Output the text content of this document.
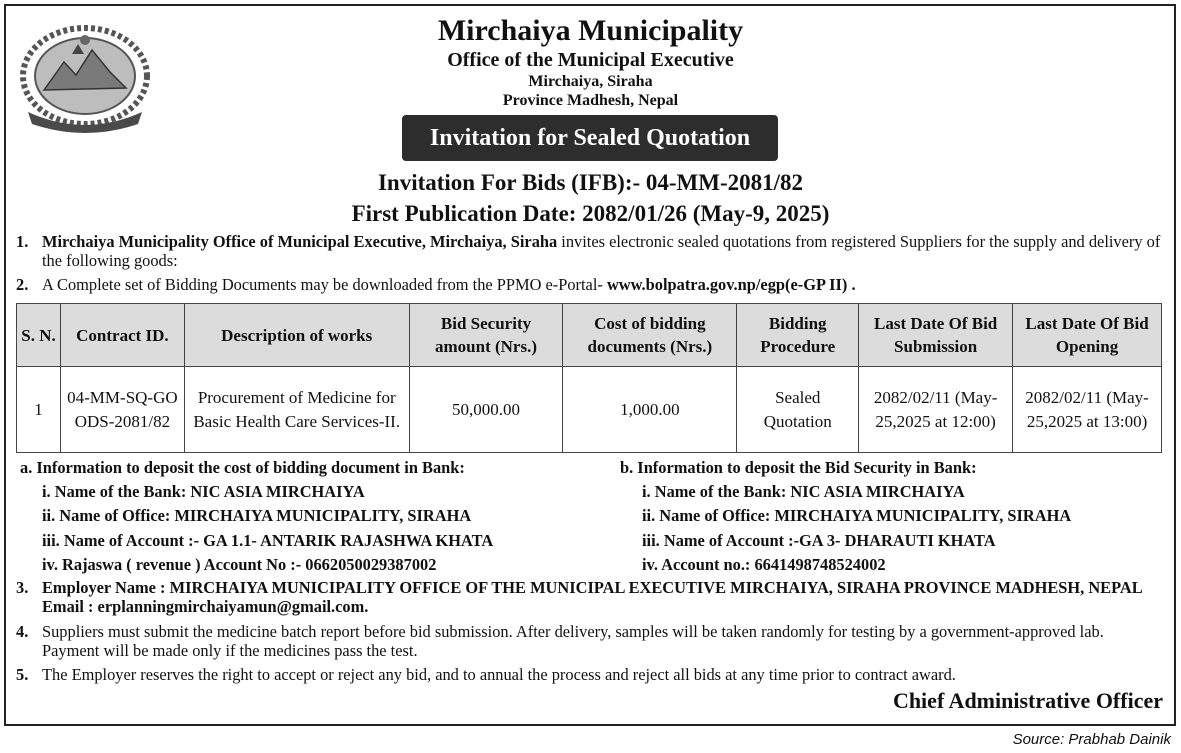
Mirchaiya Municipality
Office of the Municipal Executive
Mirchaiya, Siraha
Province Madhesh, Nepal
Invitation for Sealed Quotation
Invitation For Bids (IFB):- 04-MM-2081/82
First Publication Date: 2082/01/26 (May-9, 2025)
1. Mirchaiya Municipality Office of Municipal Executive, Mirchaiya, Siraha invites electronic sealed quotations from registered Suppliers for the supply and delivery of the following goods:
2. A Complete set of Bidding Documents may be downloaded from the PPMO e-Portal- www.bolpatra.gov.np/egp(e-GP II) .
S. N.	Contract ID.	Description of works	Bid Security amount (Nrs.)	Cost of bidding documents (Nrs.)	Bidding Procedure	Last Date Of Bid Submission	Last Date Of Bid Opening
1	04-MM-SQ-GOODS-2081/82	Procurement of Medicine for Basic Health Care Services-II.	50,000.00	1,000.00	Sealed Quotation	2082/02/11 (May-25,2025 at 12:00)	2082/02/11 (May-25,2025 at 13:00)
a. Information to deposit the cost of bidding document in Bank:
i. Name of the Bank: NIC ASIA MIRCHAIYA
ii. Name of Office: MIRCHAIYA MUNICIPALITY, SIRAHA
iii. Name of Account :- GA 1.1- ANTARIK RAJASHWA KHATA
iv. Rajaswa ( revenue ) Account No :- 0662050029387002
b. Information to deposit the Bid Security in Bank:
i. Name of the Bank: NIC ASIA MIRCHAIYA
ii. Name of Office: MIRCHAIYA MUNICIPALITY, SIRAHA
iii. Name of Account :-GA 3- DHARAUTI KHATA
iv. Account no.: 6641498748524002
3. Employer Name : MIRCHAIYA MUNICIPALITY OFFICE OF THE MUNICIPAL EXECUTIVE MIRCHAIYA, SIRAHA PROVINCE MADHESH, NEPAL Email : erplanningmirchaiyamun@gmail.com.
4. Suppliers must submit the medicine batch report before bid submission. After delivery, samples will be taken randomly for testing by a government-approved lab. Payment will be made only if the medicines pass the test.
5. The Employer reserves the right to accept or reject any bid, and to annual the process and reject all bids at any time prior to contract award.
Chief Administrative Officer
Source: Prabhab Dainik
